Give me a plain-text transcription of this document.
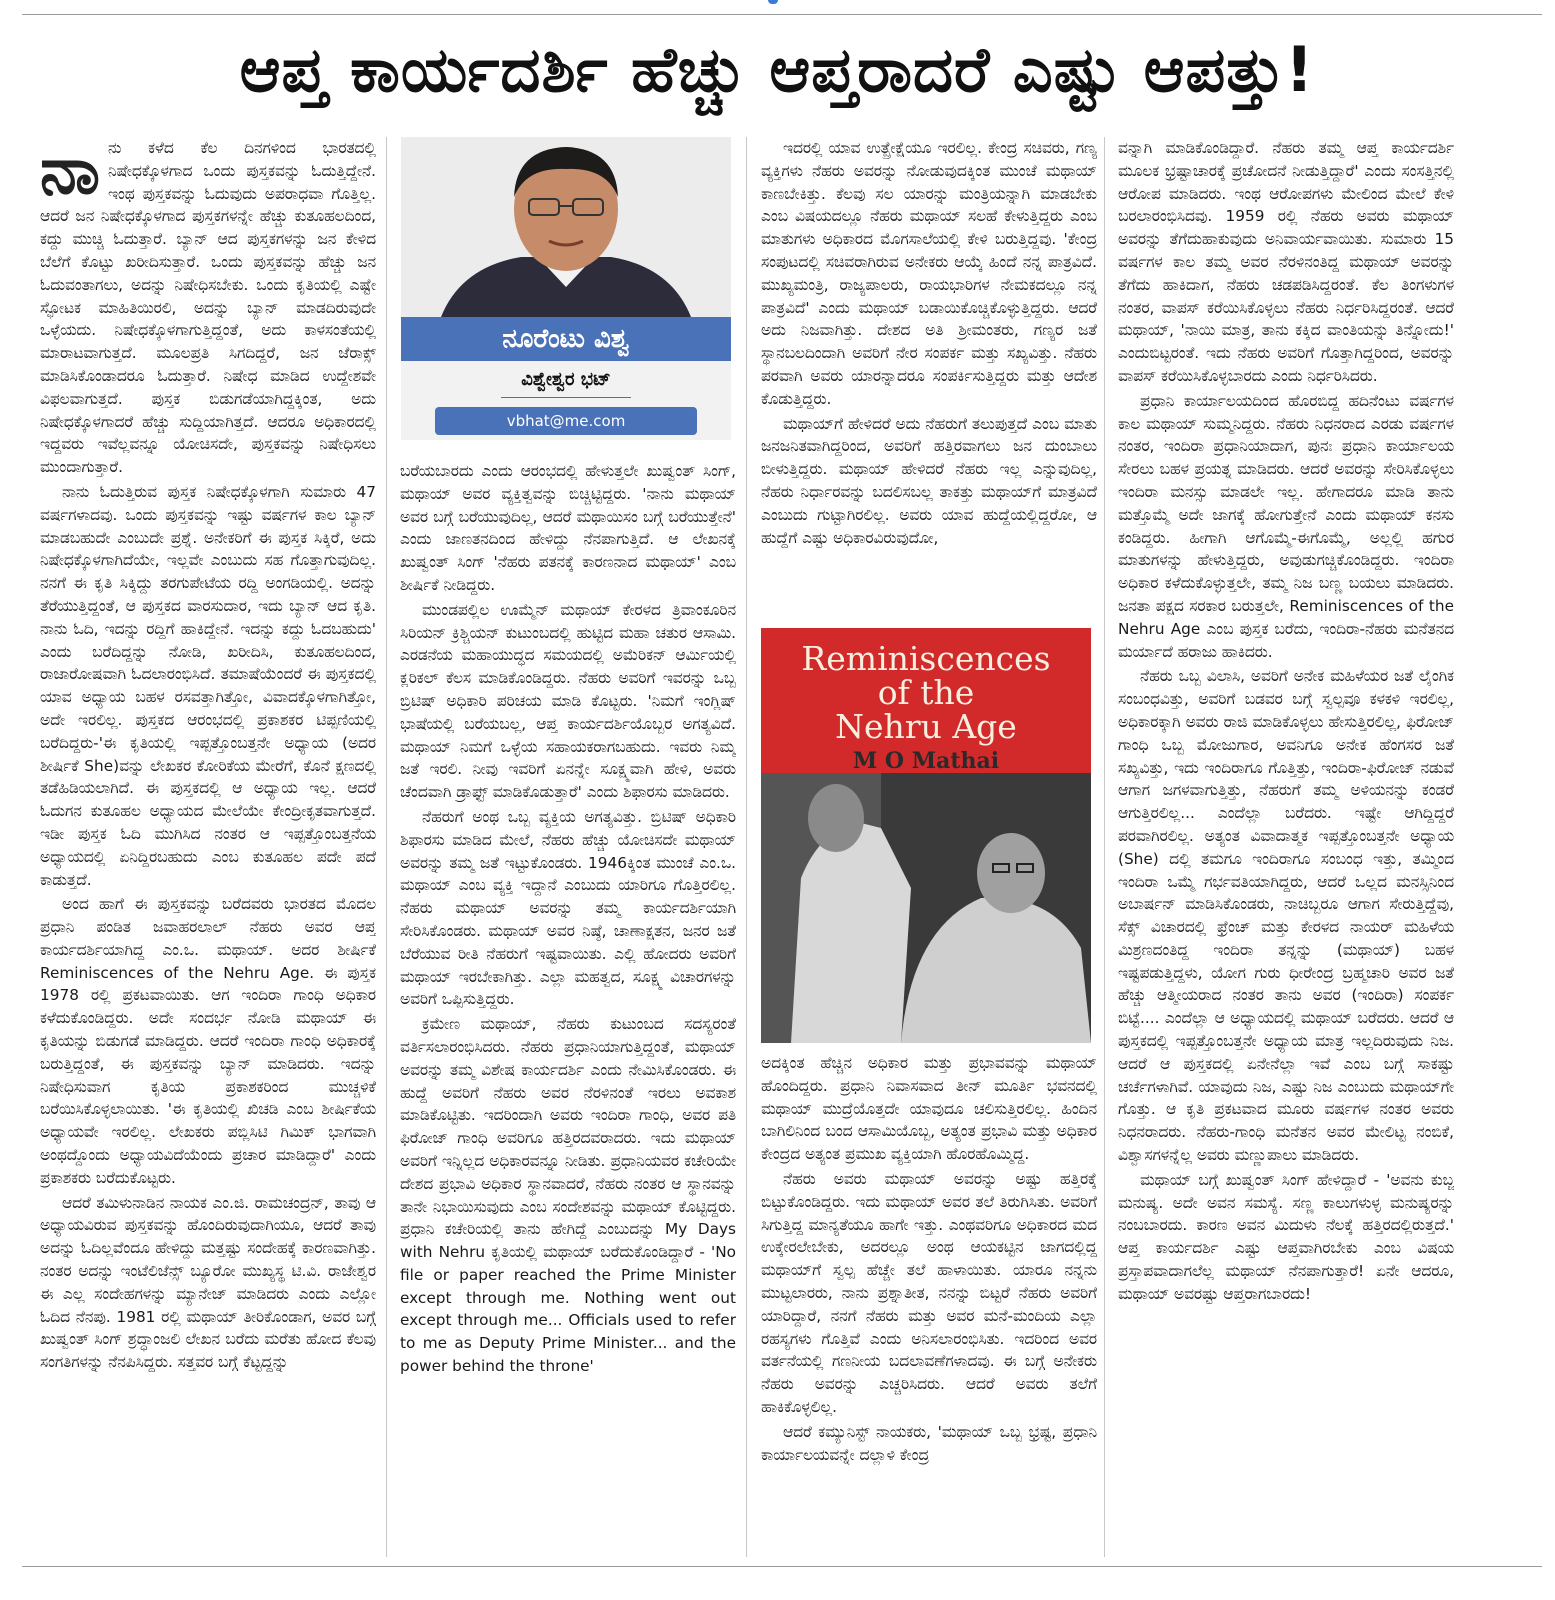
ಆಪ್ತ ಕಾರ್ಯದರ್ಶಿ ಹೆಚ್ಚು ಆಪ್ತರಾದರೆ ಎಷ್ಟು ಆಪತ್ತು!

ನಾನು ಕಳೆದ ಕೆಲ ದಿನಗಳಿಂದ ಭಾರತದಲ್ಲಿ ನಿಷೇಧಕ್ಕೊಳಗಾದ ಒಂದು ಪುಸ್ತಕವನ್ನು ಓದುತ್ತಿದ್ದೇನೆ. ಇಂಥ ಪುಸ್ತಕವನ್ನು ಓದುವುದು ಅಪರಾಧವಾ ಗೊತ್ತಿಲ್ಲ. ಆದರೆ ಜನ ನಿಷೇಧಕ್ಕೊಳಗಾದ ಪುಸ್ತಕಗಳನ್ನೇ ಹೆಚ್ಚು ಕುತೂಹಲದಿಂದ, ಕದ್ದು ಮುಚ್ಚಿ ಓದುತ್ತಾರೆ. ಬ್ಯಾನ್ ಆದ ಪುಸ್ತಕಗಳನ್ನು ಜನ ಕೇಳಿದ ಬೆಲೆಗೆ ಕೊಟ್ಟು ಖರೀದಿಸುತ್ತಾರೆ. ಒಂದು ಪುಸ್ತಕವನ್ನು ಹೆಚ್ಚು ಜನ ಓದುವಂತಾಗಲು, ಅದನ್ನು ನಿಷೇಧಿಸಬೇಕು. ಒಂದು ಕೃತಿಯಲ್ಲಿ ಎಷ್ಟೇ ಸ್ಫೋಟಕ ಮಾಹಿತಿಯಿರಲಿ, ಅದನ್ನು ಬ್ಯಾನ್ ಮಾಡದಿರುವುದೇ ಒಳ್ಳೆಯದು. ನಿಷೇಧಕ್ಕೊಳಗಾಗುತ್ತಿದ್ದಂತೆ, ಅದು ಕಾಳಸಂತೆಯಲ್ಲಿ ಮಾರಾಟವಾಗುತ್ತದೆ. ಮೂಲಪ್ರತಿ ಸಿಗದಿದ್ದರೆ, ಜನ ಜೆರಾಕ್ಸ್ ಮಾಡಿಸಿಕೊಂಡಾದರೂ ಓದುತ್ತಾರೆ. ನಿಷೇಧ ಮಾಡಿದ ಉದ್ದೇಶವೇ ವಿಫಲವಾಗುತ್ತದೆ. ಪುಸ್ತಕ ಬಿಡುಗಡೆಯಾಗಿದ್ದಕ್ಕಿಂತ, ಅದು ನಿಷೇಧಕ್ಕೊಳಗಾದರೆ ಹೆಚ್ಚು ಸುದ್ದಿಯಾಗಿತ್ತದೆ. ಆದರೂ ಅಧಿಕಾರದಲ್ಲಿ ಇದ್ದವರು ಇವೆಲ್ಲವನ್ನೂ ಯೋಚಿಸದೇ, ಪುಸ್ತಕವನ್ನು ನಿಷೇಧಿಸಲು ಮುಂದಾಗುತ್ತಾರೆ.

ನಾನು ಓದುತ್ತಿರುವ ಪುಸ್ತಕ ನಿಷೇಧಕ್ಕೊಳಗಾಗಿ ಸುಮಾರು 47 ವರ್ಷಗಳಾದವು. ಒಂದು ಪುಸ್ತಕವನ್ನು ಇಷ್ಟು ವರ್ಷಗಳ ಕಾಲ ಬ್ಯಾನ್ ಮಾಡಬಹುದೇ ಎಂಬುದೇ ಪ್ರಶ್ನೆ. ಅನೇಕರಿಗೆ ಈ ಪುಸ್ತಕ ಸಿಕ್ಕಿರೆ, ಅದು ನಿಷೇಧಕ್ಕೊಳಗಾಗಿದೆಯೇ, ಇಲ್ಲವೇ ಎಂಬುದು ಸಹ ಗೊತ್ತಾಗುವುದಿಲ್ಲ. ನನಗೆ ಈ ಕೃತಿ ಸಿಕ್ಕಿದ್ದು ತರಗುಪೇಟೆಯ ರದ್ದಿ ಅಂಗಡಿಯಲ್ಲಿ. ಅದನ್ನು ತೆರೆಯುತ್ತಿದ್ದಂತೆ, ಆ ಪುಸ್ತಕದ ವಾರಸುದಾರ, ಇದು ಬ್ಯಾನ್ ಆದ ಕೃತಿ. ನಾನು ಓದಿ, ಇದನ್ನು ರದ್ದಿಗೆ ಹಾಕಿದ್ದೇನೆ. ಇದನ್ನು ಕದ್ದು ಓದಬಹುದು' ಎಂದು ಬರೆದಿದ್ದನ್ನು ನೋಡಿ, ಖರೀದಿಸಿ, ಕುತೂಹಲದಿಂದ, ರಾಜಾರೋಷವಾಗಿ ಓದಲಾರಂಭಿಸಿದೆ. ತಮಾಷೆಯೆಂದರೆ ಈ ಪುಸ್ತಕದಲ್ಲಿ ಯಾವ ಅಧ್ಯಾಯ ಬಹಳ ರಸವತ್ತಾಗಿತ್ತೋ, ವಿವಾದಕ್ಕೊಳಗಾಗಿತ್ತೋ, ಅದೇ ಇರಲಿಲ್ಲ. ಪುಸ್ತಕದ ಆರಂಭದಲ್ಲಿ ಪ್ರಕಾಶಕರ ಟಿಪ್ಪಣಿಯಲ್ಲಿ ಬರೆದಿದ್ದರು-'ಈ ಕೃತಿಯಲ್ಲಿ ಇಪ್ಪತ್ತೊಂಬತ್ತನೇ ಅಧ್ಯಾಯ (ಅದರ ಶೀರ್ಷಿಕೆ She)ವನ್ನು ಲೇಖಕರ ಕೋರಿಕೆಯ ಮೇರೆಗೆ, ಕೊನೆ ಕ್ಷಣದಲ್ಲಿ ತಡೆಹಿಡಿಯಲಾಗಿದೆ. ಈ ಪುಸ್ತಕದಲ್ಲಿ ಆ ಅಧ್ಯಾಯ ಇಲ್ಲ. ಆದರೆ ಓದುಗನ ಕುತೂಹಲ ಅಧ್ಯಾಯದ ಮೇಲೆಯೇ ಕೇಂದ್ರೀಕೃತವಾಗುತ್ತದೆ. ಇಡೀ ಪುಸ್ತಕ ಓದಿ ಮುಗಿಸಿದ ನಂತರ ಆ ಇಪ್ಪತ್ತೊಂಬತ್ತನೆಯ ಅಧ್ಯಾಯದಲ್ಲಿ ಏನಿದ್ದಿರಬಹುದು ಎಂಬ ಕುತೂಹಲ ಪದೇ ಪದೆ ಕಾಡುತ್ತದೆ.

ಅಂದ ಹಾಗೆ ಈ ಪುಸ್ತಕವನ್ನು ಬರೆದವರು ಭಾರತದ ಮೊದಲ ಪ್ರಧಾನಿ ಪಂಡಿತ ಜವಾಹರಲಾಲ್ ನೆಹರು ಅವರ ಆಪ್ತ ಕಾರ್ಯದರ್ಶಿಯಾಗಿದ್ದ ಎಂ.ಒ. ಮಥಾಯ್. ಅದರ ಶೀರ್ಷಿಕೆ Reminiscences of the Nehru Age. ಈ ಪುಸ್ತಕ 1978 ರಲ್ಲಿ ಪ್ರಕಟವಾಯಿತು. ಆಗ ಇಂದಿರಾ ಗಾಂಧಿ ಅಧಿಕಾರ ಕಳೆದುಕೊಂಡಿದ್ದರು. ಅದೇ ಸಂದರ್ಭ ನೋಡಿ ಮಥಾಯ್ ಈ ಕೃತಿಯನ್ನು ಬಿಡುಗಡೆ ಮಾಡಿದ್ದರು. ಆದರೆ ಇಂದಿರಾ ಗಾಂಧಿ ಅಧಿಕಾರಕ್ಕೆ ಬರುತ್ತಿದ್ದಂತೆ, ಈ ಪುಸ್ತಕವನ್ನು ಬ್ಯಾನ್ ಮಾಡಿದರು. ಇದನ್ನು ನಿಷೇಧಿಸುವಾಗ ಕೃತಿಯ ಪ್ರಕಾಶಕರಿಂದ ಮುಚ್ಚಳಿಕೆ ಬರೆಯಿಸಿಕೊಳ್ಳಲಾಯಿತು. 'ಈ ಕೃತಿಯಲ್ಲಿ ಖಿಚಡಿ ಎಂಬ ಶೀರ್ಷಿಕೆಯ ಅಧ್ಯಾಯವೇ ಇರಲಿಲ್ಲ. ಲೇಖಕರು ಪಬ್ಲಿಸಿಟಿ ಗಿಮಿಕ್ ಭಾಗವಾಗಿ ಅಂಥದ್ದೊಂದು ಅಧ್ಯಾಯವಿದೆಯೆಂದು ಪ್ರಚಾರ ಮಾಡಿದ್ದಾರೆ' ಎಂದು ಪ್ರಕಾಶಕರು ಬರೆದುಕೊಟ್ಟರು.

ಆದರೆ ತಮಿಳುನಾಡಿನ ನಾಯಕ ಎಂ.ಜಿ. ರಾಮಚಂದ್ರನ್, ತಾವು ಆ ಅಧ್ಯಾಯವಿರುವ ಪುಸ್ತಕವನ್ನು ಹೊಂದಿರುವುದಾಗಿಯೂ, ಆದರೆ ತಾವು ಅದನ್ನು ಓದಿಲ್ಲವೆಂದೂ ಹೇಳಿದ್ದು ಮತ್ತಷ್ಟು ಸಂದೇಹಕ್ಕೆ ಕಾರಣವಾಗಿತ್ತು. ನಂತರ ಅದನ್ನು ಇಂಟೆಲಿಜೆನ್ಸ್ ಬ್ಯೂರೋ ಮುಖ್ಯಸ್ಥ ಟಿ.ವಿ. ರಾಜೇಶ್ವರ ಈ ಎಲ್ಲ ಸಂದೇಹಗಳನ್ನು ಮ್ಯಾನೇಜ್ ಮಾಡಿದರು ಎಂದು ಎಲ್ಲೋ ಓದಿದ ನೆನಪು. 1981 ರಲ್ಲಿ ಮಥಾಯ್ ತೀರಿಕೊಂಡಾಗ, ಅವರ ಬಗ್ಗೆ ಖುಷ್ವಂತ್ ಸಿಂಗ್ ಶ್ರದ್ಧಾಂಜಲಿ ಲೇಖನ ಬರೆದು ಮರೆತು ಹೋದ ಕೆಲವು ಸಂಗತಿಗಳನ್ನು ನೆನಪಿಸಿದ್ದರು. ಸತ್ತವರ ಬಗ್ಗೆ ಕೆಟ್ಟದ್ದನ್ನು

ನೂರೆಂಟು ವಿಶ್ವ
ವಿಶ್ವೇಶ್ವರ ಭಟ್
vbhat@me.com

ಬರೆಯಬಾರದು ಎಂದು ಆರಂಭದಲ್ಲಿ ಹೇಳುತ್ತಲೇ ಖುಷ್ವಂತ್ ಸಿಂಗ್, ಮಥಾಯ್ ಅವರ ವ್ಯಕ್ತಿತ್ವವನ್ನು ಬಿಚ್ಚಿಟ್ಟಿದ್ದರು. 'ನಾನು ಮಥಾಯ್ ಅವರ ಬಗ್ಗೆ ಬರೆಯುವುದಿಲ್ಲ, ಆದರೆ ಮಥಾಯಿಸಂ ಬಗ್ಗೆ ಬರೆಯುತ್ತೇನೆ' ಎಂದು ಜಾಣತನದಿಂದ ಹೇಳಿದ್ದು ನೆನಪಾಗುತ್ತಿದೆ. ಆ ಲೇಖನಕ್ಕೆ ಖುಷ್ವಂತ್ ಸಿಂಗ್ 'ನೆಹರು ಪತನಕ್ಕೆ ಕಾರಣನಾದ ಮಥಾಯ್' ಎಂಬ ಶೀರ್ಷಿಕೆ ನೀಡಿದ್ದರು.

ಮುಂಡಪಲ್ಲಿಲ ಊಮ್ಮೆನ್ ಮಥಾಯ್ ಕೇರಳದ ತ್ರಿವಾಂಕೂರಿನ ಸಿರಿಯನ್ ಕ್ರಿಶ್ಚಿಯನ್ ಕುಟುಂಬದಲ್ಲಿ ಹುಟ್ಟಿದ ಮಹಾ ಚತುರ ಆಸಾಮಿ. ಎರಡನೆಯ ಮಹಾಯುದ್ಧದ ಸಮಯದಲ್ಲಿ ಅಮೆರಿಕನ್ ಆರ್ಮಿಯಲ್ಲಿ ಕ್ಲರಿಕಲ್ ಕೆಲಸ ಮಾಡಿಕೊಂಡಿದ್ದರು. ನೆಹರು ಅವರಿಗೆ ಇವರನ್ನು ಒಬ್ಬ ಬ್ರಿಟಿಷ್ ಅಧಿಕಾರಿ ಪರಿಚಯ ಮಾಡಿ ಕೊಟ್ಟರು. 'ನಿಮಗೆ ಇಂಗ್ಲಿಷ್ ಭಾಷೆಯಲ್ಲಿ ಬರೆಯಬಲ್ಲ, ಆಪ್ತ ಕಾರ್ಯದರ್ಶಿಯೊಬ್ಬರ ಅಗತ್ಯವಿದೆ. ಮಥಾಯ್ ನಿಮಗೆ ಒಳ್ಳೆಯ ಸಹಾಯಕರಾಗಬಹುದು. ಇವರು ನಿಮ್ಮ ಜತೆ ಇರಲಿ. ನೀವು ಇವರಿಗೆ ಏನನ್ನೇ ಸೂಕ್ಷ್ಮವಾಗಿ ಹೇಳಿ, ಅವರು ಚೆಂದವಾಗಿ ಡ್ರಾಫ್ಟ್ ಮಾಡಿಕೊಡುತ್ತಾರೆ' ಎಂದು ಶಿಫಾರಸು ಮಾಡಿದರು.

ನೆಹರುಗೆ ಅಂಥ ಒಬ್ಬ ವ್ಯಕ್ತಿಯ ಅಗತ್ಯವಿತ್ತು. ಬ್ರಿಟಿಷ್ ಅಧಿಕಾರಿ ಶಿಫಾರಸು ಮಾಡಿದ ಮೇಲೆ, ನೆಹರು ಹೆಚ್ಚು ಯೋಚಿಸದೇ ಮಥಾಯ್ ಅವರನ್ನು ತಮ್ಮ ಜತೆ ಇಟ್ಟುಕೊಂಡರು. 1946ಕ್ಕಿಂತ ಮುಂಚೆ ಎಂ.ಒ. ಮಥಾಯ್ ಎಂಬ ವ್ಯಕ್ತಿ ಇದ್ದಾನೆ ಎಂಬುದು ಯಾರಿಗೂ ಗೊತ್ತಿರಲಿಲ್ಲ. ನೆಹರು ಮಥಾಯ್ ಅವರನ್ನು ತಮ್ಮ ಕಾರ್ಯದರ್ಶಿಯಾಗಿ ಸೇರಿಸಿಕೊಂಡರು. ಮಥಾಯ್ ಅವರ ನಿಷ್ಠೆ, ಚಾಣಾಕ್ಷತನ, ಜನರ ಜತೆ ಬೆರೆಯುವ ರೀತಿ ನೆಹರುಗೆ ಇಷ್ಟವಾಯಿತು. ಎಲ್ಲಿ ಹೋದರು ಅವರಿಗೆ ಮಥಾಯ್ ಇರಬೇಕಾಗಿತ್ತು. ಎಲ್ಲಾ ಮಹತ್ವದ, ಸೂಕ್ಷ್ಮ ವಿಚಾರಗಳನ್ನು ಅವರಿಗೆ ಒಪ್ಪಿಸುತ್ತಿದ್ದರು.

ಕ್ರಮೇಣ ಮಥಾಯ್, ನೆಹರು ಕುಟುಂಬದ ಸದಸ್ಯರಂತೆ ವರ್ತಿಸಲಾರಂಭಿಸಿದರು. ನೆಹರು ಪ್ರಧಾನಿಯಾಗುತ್ತಿದ್ದಂತೆ, ಮಥಾಯ್ ಅವರನ್ನು ತಮ್ಮ ವಿಶೇಷ ಕಾರ್ಯದರ್ಶಿ ಎಂದು ನೇಮಿಸಿಕೊಂಡರು. ಈ ಹುದ್ದೆ ಅವರಿಗೆ ನೆಹರು ಅವರ ನೆರಳಿನಂತೆ ಇರಲು ಅವಕಾಶ ಮಾಡಿಕೊಟ್ಟಿತು. ಇದರಿಂದಾಗಿ ಅವರು ಇಂದಿರಾ ಗಾಂಧಿ, ಅವರ ಪತಿ ಫಿರೋಜ್ ಗಾಂಧಿ ಅವರಿಗೂ ಹತ್ತಿರದವರಾದರು. ಇದು ಮಥಾಯ್ ಅವರಿಗೆ ಇನ್ನಿಲ್ಲದ ಅಧಿಕಾರವನ್ನೂ ನೀಡಿತು. ಪ್ರಧಾನಿಯವರ ಕಚೇರಿಯೇ ದೇಶದ ಪ್ರಭಾವಿ ಅಧಿಕಾರ ಸ್ಥಾನವಾದರೆ, ನೆಹರು ನಂತರ ಆ ಸ್ಥಾನವನ್ನು ತಾನೇ ನಿಭಾಯಿಸುವುದು ಎಂಬ ಸಂದೇಶವನ್ನು ಮಥಾಯ್ ಕೊಟ್ಟಿದ್ದರು. ಪ್ರಧಾನಿ ಕಚೇರಿಯಲ್ಲಿ ತಾನು ಹೇಗಿದ್ದೆ ಎಂಬುದನ್ನು My Days with Nehru ಕೃತಿಯಲ್ಲಿ ಮಥಾಯ್ ಬರೆದುಕೊಂಡಿದ್ದಾರೆ - 'No file or paper reached the Prime Minister except through me. Nothing went out except through me... Officials used to refer to me as Deputy Prime Minister... and the power behind the throne'

ಇದರಲ್ಲಿ ಯಾವ ಉತ್ಪ್ರೇಕ್ಷೆಯೂ ಇರಲಿಲ್ಲ. ಕೇಂದ್ರ ಸಚಿವರು, ಗಣ್ಯ ವ್ಯಕ್ತಿಗಳು ನೆಹರು ಅವರನ್ನು ನೋಡುವುದಕ್ಕಿಂತ ಮುಂಚೆ ಮಥಾಯ್ ಕಾಣಬೇಕಿತ್ತು. ಕೆಲವು ಸಲ ಯಾರನ್ನು ಮಂತ್ರಿಯನ್ನಾಗಿ ಮಾಡಬೇಕು ಎಂಬ ವಿಷಯದಲ್ಲೂ ನೆಹರು ಮಥಾಯ್ ಸಲಹೆ ಕೇಳುತ್ತಿದ್ದರು ಎಂಬ ಮಾತುಗಳು ಅಧಿಕಾರದ ಮೊಗಸಾಲೆಯಲ್ಲಿ ಕೇಳಿ ಬರುತ್ತಿದ್ದವು. 'ಕೇಂದ್ರ ಸಂಪುಟದಲ್ಲಿ ಸಚಿವರಾಗಿರುವ ಅನೇಕರು ಆಯ್ಕೆ ಹಿಂದೆ ನನ್ನ ಪಾತ್ರವಿದೆ. ಮುಖ್ಯಮಂತ್ರಿ, ರಾಜ್ಯಪಾಲರು, ರಾಯಭಾರಿಗಳ ನೇಮಕದಲ್ಲೂ ನನ್ನ ಪಾತ್ರವಿದೆ' ಎಂದು ಮಥಾಯ್ ಬಡಾಯಿಕೊಚ್ಚಿಕೊಳ್ಳುತ್ತಿದ್ದರು. ಆದರೆ ಅದು ನಿಜವಾಗಿತ್ತು. ದೇಶದ ಅತಿ ಶ್ರೀಮಂತರು, ಗಣ್ಯರ ಜತೆ ಸ್ಥಾನಬಲದಿಂದಾಗಿ ಅವರಿಗೆ ನೇರ ಸಂಪರ್ಕ ಮತ್ತು ಸಖ್ಯವಿತ್ತು. ನೆಹರು ಪರವಾಗಿ ಅವರು ಯಾರನ್ನಾದರೂ ಸಂಪರ್ಕಿಸುತ್ತಿದ್ದರು ಮತ್ತು ಆದೇಶ ಕೊಡುತ್ತಿದ್ದರು.

ಮಥಾಯ್‌ಗೆ ಹೇಳಿದರೆ ಅದು ನೆಹರುಗೆ ತಲುಪುತ್ತದೆ ಎಂಬ ಮಾತು ಜನಜನಿತವಾಗಿದ್ದರಿಂದ, ಅವರಿಗೆ ಹತ್ತಿರವಾಗಲು ಜನ ದುಂಬಾಲು ಬೀಳುತ್ತಿದ್ದರು. ಮಥಾಯ್ ಹೇಳಿದರೆ ನೆಹರು ಇಲ್ಲ ಎನ್ನುವುದಿಲ್ಲ, ನೆಹರು ನಿರ್ಧಾರವನ್ನು ಬದಲಿಸಬಲ್ಲ ತಾಕತ್ತು ಮಥಾಯ್‌ಗೆ ಮಾತ್ರವಿದೆ ಎಂಬುದು ಗುಟ್ಟಾಗಿರಲಿಲ್ಲ. ಅವರು ಯಾವ ಹುದ್ದೆಯಲ್ಲಿದ್ದರೋ, ಆ ಹುದ್ದೆಗೆ ಎಷ್ಟು ಅಧಿಕಾರವಿರುವುದೋ,

Reminiscences
of the
Nehru Age
M O Mathai

ಅದಕ್ಕಿಂತ ಹೆಚ್ಚಿನ ಅಧಿಕಾರ ಮತ್ತು ಪ್ರಭಾವವನ್ನು ಮಥಾಯ್ ಹೊಂದಿದ್ದರು. ಪ್ರಧಾನಿ ನಿವಾಸವಾದ ತೀನ್ ಮೂರ್ತಿ ಭವನದಲ್ಲಿ ಮಥಾಯ್ ಮುದ್ರೆಯೊತ್ತದೇ ಯಾವುದೂ ಚಲಿಸುತ್ತಿರಲಿಲ್ಲ. ಹಿಂದಿನ ಬಾಗಿಲಿನಿಂದ ಬಂದ ಆಸಾಮಿಯೊಬ್ಬ, ಅತ್ಯಂತ ಪ್ರಭಾವಿ ಮತ್ತು ಅಧಿಕಾರ ಕೇಂದ್ರದ ಅತ್ಯಂತ ಪ್ರಮುಖ ವ್ಯಕ್ತಿಯಾಗಿ ಹೊರಹೊಮ್ಮಿದ್ದ.

ನೆಹರು ಅವರು ಮಥಾಯ್ ಅವರನ್ನು ಅಷ್ಟು ಹತ್ತಿರಕ್ಕೆ ಬಿಟ್ಟುಕೊಂಡಿದ್ದರು. ಇದು ಮಥಾಯ್ ಅವರ ತಲೆ ತಿರುಗಿಸಿತು. ಅವರಿಗೆ ಸಿಗುತ್ತಿದ್ದ ಮಾನ್ಯತೆಯೂ ಹಾಗೇ ಇತ್ತು. ಎಂಥವರಿಗೂ ಅಧಿಕಾರದ ಮದ ಉಕ್ಕೇರಲೇಬೇಕು, ಅದರಲ್ಲೂ ಅಂಥ ಆಯಕಟ್ಟಿನ ಜಾಗದಲ್ಲಿದ್ದ ಮಥಾಯ್‌ಗೆ ಸ್ವಲ್ಪ ಹೆಚ್ಚೇ ತಲೆ ಹಾಳಾಯಿತು. ಯಾರೂ ನನ್ನನು ಮುಟ್ಟಲಾರರು, ನಾನು ಪ್ರಶ್ನಾತೀತ, ನನನ್ನು ಬಿಟ್ಟರೆ ನೆಹರು ಅವರಿಗೆ ಯಾರಿದ್ದಾರೆ, ನನಗೆ ನೆಹರು ಮತ್ತು ಅವರ ಮನೆ-ಮಂದಿಯ ಎಲ್ಲಾ ರಹಸ್ಯಗಳು ಗೊತ್ತಿವೆ ಎಂದು ಅನಿಸಲಾರಂಭಿಸಿತು. ಇದರಿಂದ ಅವರ ವರ್ತನೆಯಲ್ಲಿ ಗಣನೀಯ ಬದಲಾವಣೆಗಳಾದವು. ಈ ಬಗ್ಗೆ ಅನೇಕರು ನೆಹರು ಅವರನ್ನು ಎಚ್ಚರಿಸಿದರು. ಆದರೆ ಅವರು ತಲೆಗೆ ಹಾಕಿಕೊಳ್ಳಲಿಲ್ಲ.

ಆದರೆ ಕಮ್ಯುನಿಸ್ಟ್ ನಾಯಕರು, 'ಮಥಾಯ್ ಒಬ್ಬ ಭ್ರಷ್ಟ, ಪ್ರಧಾನಿ ಕಾರ್ಯಾಲಯವನ್ನೇ ದಲ್ಲಾಳಿ ಕೇಂದ್ರ

ವನ್ನಾಗಿ ಮಾಡಿಕೊಂಡಿದ್ದಾರೆ. ನೆಹರು ತಮ್ಮ ಆಪ್ತ ಕಾರ್ಯದರ್ಶಿ ಮೂಲಕ ಭ್ರಷ್ಟಾಚಾರಕ್ಕೆ ಪ್ರಚೋದನೆ ನೀಡುತ್ತಿದ್ದಾರೆ' ಎಂದು ಸಂಸತ್ತಿನಲ್ಲಿ ಆರೋಪ ಮಾಡಿದರು. ಇಂಥ ಆರೋಪಗಳು ಮೇಲಿಂದ ಮೇಲೆ ಕೇಳಿ ಬರಲಾರಂಭಿಸಿದವು. 1959 ರಲ್ಲಿ ನೆಹರು ಅವರು ಮಥಾಯ್ ಅವರನ್ನು ತೆಗೆದುಹಾಕುವುದು ಅನಿವಾರ್ಯವಾಯಿತು. ಸುಮಾರು 15 ವರ್ಷಗಳ ಕಾಲ ತಮ್ಮ ಅವರ ನೆರಳಿನಂತಿದ್ದ ಮಥಾಯ್ ಅವರನ್ನು ತೆಗೆದು ಹಾಕಿದಾಗ, ನೆಹರು ಚಡಪಡಿಸಿದ್ದರಂತೆ. ಕೆಲ ತಿಂಗಳುಗಳ ನಂತರ, ವಾಪಸ್ ಕರೆಯಿಸಿಕೊಳ್ಳಲು ನೆಹರು ನಿರ್ಧರಿಸಿದ್ದರಂತೆ. ಆದರೆ ಮಥಾಯ್, 'ನಾಯಿ ಮಾತ್ರ, ತಾನು ಕಕ್ಕಿದ ವಾಂತಿಯನ್ನು ತಿನ್ನೋದು!' ಎಂದುಬಿಟ್ಟರಂತೆ. ಇದು ನೆಹರು ಅವರಿಗೆ ಗೊತ್ತಾಗಿದ್ದರಿಂದ, ಅವರನ್ನು ವಾಪಸ್ ಕರೆಯಿಸಿಕೊಳ್ಳಬಾರದು ಎಂದು ನಿರ್ಧರಿಸಿದರು.

ಪ್ರಧಾನಿ ಕಾರ್ಯಾಲಯದಿಂದ ಹೊರಬಿದ್ದ ಹದಿನೆಂಟು ವರ್ಷಗಳ ಕಾಲ ಮಥಾಯ್ ಸುಮ್ಮನಿದ್ದರು. ನೆಹರು ನಿಧನರಾದ ಎರಡು ವರ್ಷಗಳ ನಂತರ, ಇಂದಿರಾ ಪ್ರಧಾನಿಯಾದಾಗ, ಪುನಃ ಪ್ರಧಾನಿ ಕಾರ್ಯಾಲಯ ಸೇರಲು ಬಹಳ ಪ್ರಯತ್ನ ಮಾಡಿದರು. ಆದರೆ ಅವರನ್ನು ಸೇರಿಸಿಕೊಳ್ಳಲು ಇಂದಿರಾ ಮನಸ್ಸು ಮಾಡಲೇ ಇಲ್ಲ. ಹೇಗಾದರೂ ಮಾಡಿ ತಾನು ಮತ್ತೊಮ್ಮೆ ಅದೇ ಜಾಗಕ್ಕೆ ಹೋಗುತ್ತೇನೆ ಎಂದು ಮಥಾಯ್ ಕನಸು ಕಂಡಿದ್ದರು. ಹೀಗಾಗಿ ಆಗೊಮ್ಮೆ-ಈಗೊಮ್ಮೆ, ಅಲ್ಲಲ್ಲಿ ಹಗುರ ಮಾತುಗಳನ್ನು ಹೇಳುತ್ತಿದ್ದರು, ಅವುಡುಗಚ್ಚಿಕೊಂಡಿದ್ದರು. ಇಂದಿರಾ ಅಧಿಕಾರ ಕಳೆದುಕೊಳ್ಳುತ್ತಲೇ, ತಮ್ಮ ನಿಜ ಬಣ್ಣ ಬಯಲು ಮಾಡಿದರು. ಜನತಾ ಪಕ್ಷದ ಸರಕಾರ ಬರುತ್ತಲೇ, Reminiscences of the Nehru Age ಎಂಬ ಪುಸ್ತಕ ಬರೆದು, ಇಂದಿರಾ-ನೆಹರು ಮನೆತನದ ಮರ್ಯಾದೆ ಹರಾಜು ಹಾಕಿದರು.

ನೆಹರು ಒಬ್ಬ ವಿಲಾಸಿ, ಅವರಿಗೆ ಅನೇಕ ಮಹಿಳೆಯರ ಜತೆ ಲೈಂಗಿಕ ಸಂಬಂಧವಿತ್ತು, ಅವರಿಗೆ ಬಡವರ ಬಗ್ಗೆ ಸ್ವಲ್ಪವೂ ಕಳಕಳಿ ಇರಲಿಲ್ಲ, ಅಧಿಕಾರಕ್ಕಾಗಿ ಅವರು ರಾಜಿ ಮಾಡಿಕೊಳ್ಳಲು ಹೇಸುತ್ತಿರಲಿಲ್ಲ, ಫಿರೋಜ್ ಗಾಂಧಿ ಒಬ್ಬ ಮೋಜುಗಾರ, ಅವನಿಗೂ ಅನೇಕ ಹೆಂಗಸರ ಜತೆ ಸಖ್ಯವಿತ್ತು, ಇದು ಇಂದಿರಾಗೂ ಗೊತ್ತಿತ್ತು, ಇಂದಿರಾ-ಫಿರೋಜ್ ನಡುವೆ ಆಗಾಗ ಜಗಳವಾಗುತ್ತಿತ್ತು, ನೆಹರುಗೆ ತಮ್ಮ ಅಳಿಯನನ್ನು ಕಂಡರೆ ಆಗುತ್ತಿರಲಿಲ್ಲ... ಎಂದೆಲ್ಲಾ ಬರೆದರು. ಇಷ್ಟೇ ಆಗಿದ್ದಿದ್ದರೆ ಪರವಾಗಿರಲಿಲ್ಲ. ಅತ್ಯಂತ ವಿವಾದಾತ್ಮಕ ಇಪ್ಪತ್ತೊಂಬತ್ತನೇ ಅಧ್ಯಾಯ (She) ದಲ್ಲಿ ತಮಗೂ ಇಂದಿರಾಗೂ ಸಂಬಂಧ ಇತ್ತು, ತಮ್ಮಿಂದ ಇಂದಿರಾ ಒಮ್ಮೆ ಗರ್ಭವತಿಯಾಗಿದ್ದರು, ಆದರೆ ಒಲ್ಲದ ಮನಸ್ಸಿನಿಂದ ಅಬಾರ್ಷನ್ ಮಾಡಿಸಿಕೊಂಡರು, ನಾಚಿಬ್ಬರೂ ಆಗಾಗ ಸೇರುತ್ತಿದ್ದೆವು, ಸೆಕ್ಸ್ ವಿಚಾರದಲ್ಲಿ ಫ್ರೆಂಚ್ ಮತ್ತು ಕೇರಳದ ನಾಯರ್ ಮಹಿಳೆಯ ಮಿಶ್ರಣದಂತಿದ್ದ ಇಂದಿರಾ ತನ್ನನ್ನು (ಮಥಾಯ್) ಬಹಳ ಇಷ್ಟಪಡುತ್ತಿದ್ದಳು, ಯೋಗ ಗುರು ಧೀರೇಂದ್ರ ಬ್ರಹ್ಮಚಾರಿ ಅವರ ಜತೆ ಹೆಚ್ಚು ಆತ್ಮೀಯರಾದ ನಂತರ ತಾನು ಅವರ (ಇಂದಿರಾ) ಸಂಪರ್ಕ ಬಿಟ್ಟೆ.... ಎಂದೆಲ್ಲಾ ಆ ಅಧ್ಯಾಯದಲ್ಲಿ ಮಥಾಯ್ ಬರೆದರು. ಆದರೆ ಆ ಪುಸ್ತಕದಲ್ಲಿ ಇಪ್ಪತ್ತೊಂಬತ್ತನೇ ಅಧ್ಯಾಯ ಮಾತ್ರ ಇಲ್ಲದಿರುವುದು ನಿಜ. ಆದರೆ ಆ ಪುಸ್ತಕದಲ್ಲಿ ಏನೇನೆಲ್ಲಾ ಇವೆ ಎಂಬ ಬಗ್ಗೆ ಸಾಕಷ್ಟು ಚರ್ಚೆಗಳಾಗಿವೆ. ಯಾವುದು ನಿಜ, ಎಷ್ಟು ನಿಜ ಎಂಬುದು ಮಥಾಯ್‌ಗೇ ಗೊತ್ತು. ಆ ಕೃತಿ ಪ್ರಕಟವಾದ ಮೂರು ವರ್ಷಗಳ ನಂತರ ಅವರು ನಿಧನರಾದರು. ನೆಹರು-ಗಾಂಧಿ ಮನೆತನ ಅವರ ಮೇಲಿಟ್ಟ ನಂಬಿಕೆ, ವಿಶ್ವಾಸಗಳನ್ನೆಲ್ಲ ಅವರು ಮಣ್ಣುಪಾಲು ಮಾಡಿದರು.

ಮಥಾಯ್ ಬಗ್ಗೆ ಖುಷ್ವಂತ್ ಸಿಂಗ್ ಹೇಳಿದ್ದಾರೆ - 'ಅವನು ಕುಬ್ಜ ಮನುಷ್ಯ. ಅದೇ ಅವನ ಸಮಸ್ಯೆ. ಸಣ್ಣ ಕಾಲುಗಳುಳ್ಳ ಮನುಷ್ಯರನ್ನು ನಂಬಬಾರದು. ಕಾರಣ ಅವನ ಮಿದುಳು ನೆಲಕ್ಕೆ ಹತ್ತಿರದಲ್ಲಿರುತ್ತದೆ.' ಆಪ್ತ ಕಾರ್ಯದರ್ಶಿ ಎಷ್ಟು ಆಪ್ತವಾಗಿರಬೇಕು ಎಂಬ ವಿಷಯ ಪ್ರಸ್ತಾಪವಾದಾಗಲೆಲ್ಲ ಮಥಾಯ್ ನೆನಪಾಗುತ್ತಾರೆ! ಏನೇ ಆದರೂ, ಮಥಾಯ್ ಅವರಷ್ಟು ಆಪ್ತರಾಗಬಾರದು!
